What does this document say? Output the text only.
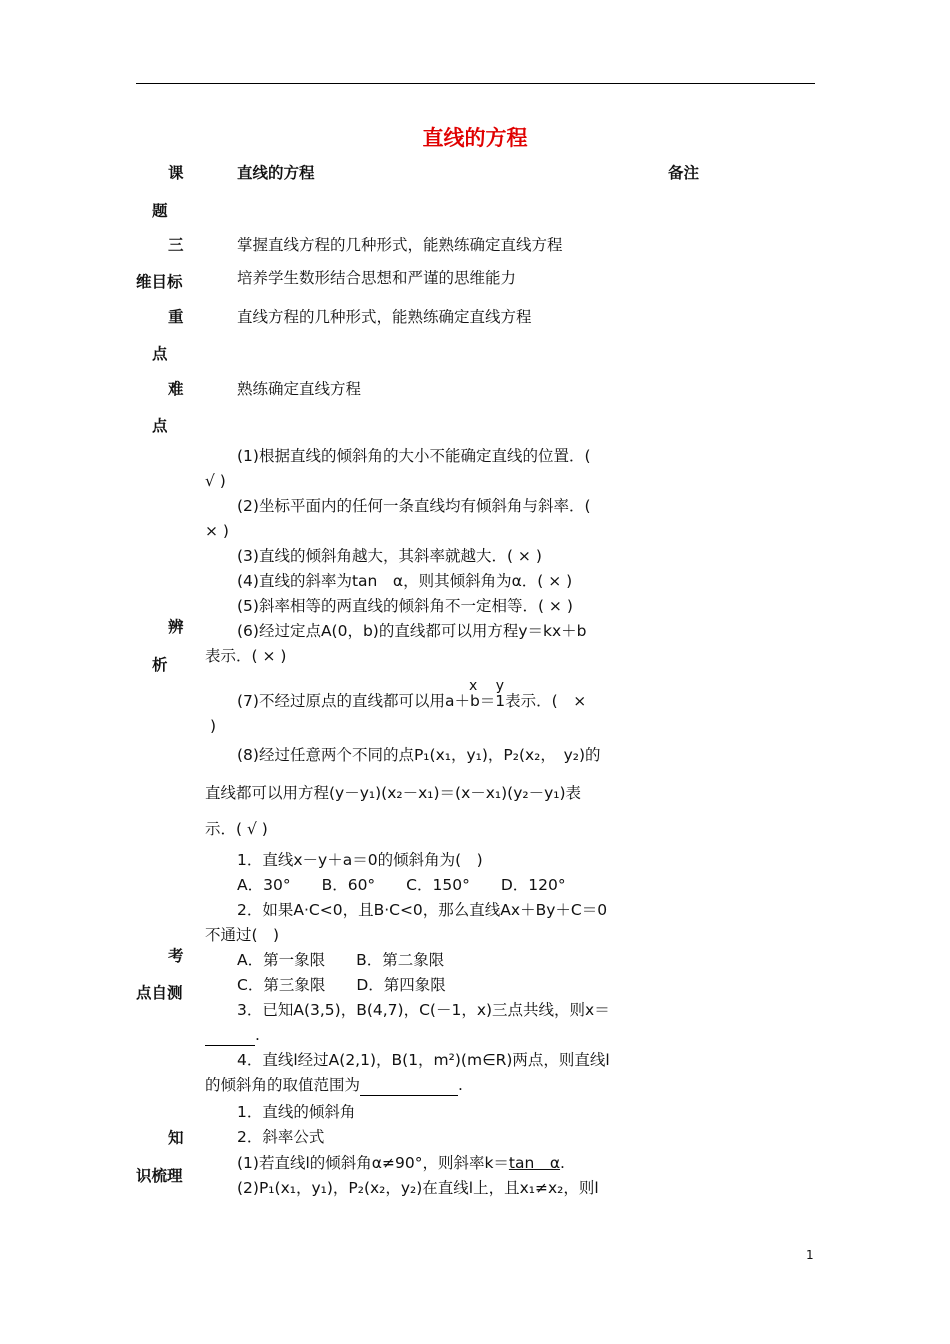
直线的方程
课
题
直线的方程	备注
三
维目标
掌握直线方程的几种形式，能熟练确定直线方程
培养学生数形结合思想和严谨的思维能力
重
点
直线方程的几种形式，能熟练确定直线方程
难
点
熟练确定直线方程
辨
析
(1)根据直线的倾斜角的大小不能确定直线的位置．(
√ )
(2)坐标平面内的任何一条直线均有倾斜角与斜率．(
× )
(3)直线的倾斜角越大，其斜率就越大．( × )
(4)直线的斜率为tan　α，则其倾斜角为α．( × )
(5)斜率相等的两直线的倾斜角不一定相等．( × )
(6)经过定点A(0，b)的直线都可以用方程y＝kx＋b
表示．( × )
x　 y
(7)不经过原点的直线都可以用a＋b＝1表示．(　×
)
(8)经过任意两个不同的点P₁(x₁，y₁)，P₂(x₂，　y₂)的
直线都可以用方程(y－y₁)(x₂－x₁)＝(x－x₁)(y₂－y₁)表
示．( √ )
考
点自测
1．直线x－y＋a＝0的倾斜角为(　)
A．30°　　B．60°　　C．150°　　D．120°
2．如果A·C<0，且B·C<0，那么直线Ax＋By＋C＝0
不通过(　)
A．第一象限　　B．第二象限
C．第三象限　　D．第四象限
3．已知A(3,5)，B(4,7)，C(－1，x)三点共线，则x＝
.
4．直线l经过A(2,1)，B(1，m²)(m∈R)两点，则直线l
的倾斜角的取值范围为	.
知
识梳理
1．直线的倾斜角
2．斜率公式
(1)若直线l的倾斜角α≠90°，则斜率k＝tan　α.
(2)P₁(x₁，y₁)，P₂(x₂，y₂)在直线l上，且x₁≠x₂，则l
1
